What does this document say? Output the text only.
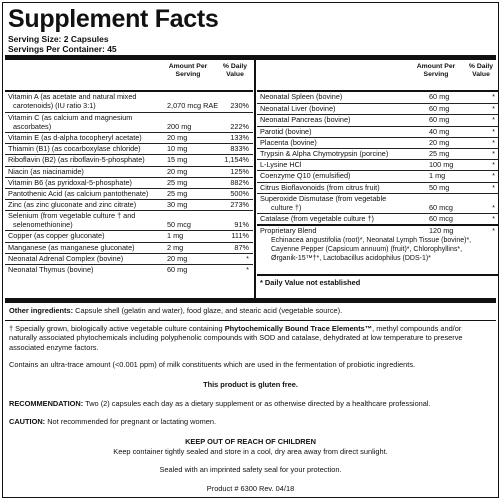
Supplement Facts
Serving Size: 2 Capsules
Servings Per Container: 45
Amount Per Serving
% Daily Value
Vitamin A (as acetate and natural mixed
carotenoids) (IU ratio 3:1)	2,070 mcg RAE	230%
Vitamin C (as calcium and magnesium
ascorbates)	200 mg	222%
Vitamin E (as d-alpha tocopheryl acetate)	20 mg	133%
Thiamin (B1) (as cocarboxylase chloride)	10 mg	833%
Riboflavin (B2) (as riboflavin-5-phosphate)	15 mg	1,154%
Niacin (as niacinamide)	20 mg	125%
Vitamin B6 (as pyridoxal-5-phosphate)	25 mg	882%
Pantothenic Acid (as calcium pantothenate)	25 mg	500%
Zinc (as zinc gluconate and zinc citrate)	30 mg	273%
Selenium (from vegetable culture † and
selenomethionine)	50 mcg	91%
Copper (as copper gluconate)	1 mg	111%
Manganese (as manganese gluconate)	2 mg	87%
Neonatal Adrenal Complex (bovine)	20 mg	*
Neonatal Thymus (bovine)	60 mg	*
Amount Per Serving
% Daily Value
Neonatal Spleen (bovine)	60 mg	*
Neonatal Liver (bovine)	60 mg	*
Neonatal Pancreas (bovine)	60 mg	*
Parotid (bovine)	40 mg	*
Placenta (bovine)	20 mg	*
Trypsin & Alpha Chymotrypsin (porcine)	25 mg	*
L-Lysine HCl	100 mg	*
Coenzyme Q10 (emulsified)	1 mg	*
Citrus Bioflavonoids (from citrus fruit)	50 mg	*
Superoxide Dismutase (from vegetable
culture †)	60 mcg	*
Catalase (from vegetable culture †)	60 mcg	*
Proprietary Blend	120 mg	*
Echinacea angustifolia (root)*, Neonatal Lymph Tissue (bovine)*,
Cayenne Pepper (Capsicum annuum) (fruit)*, Chlorophyllins*,
Ørganik-15™†*, Lactobacillus acidophilus (DDS-1)*
* Daily Value not established
Other ingredients: Capsule shell (gelatin and water), food glaze, and stearic acid (vegetable source).
† Specially grown, biologically active vegetable culture containing Phytochemically Bound Trace Elements™, methyl compounds and/or
naturally associated phytochemicals including polyphenolic compounds with SOD and catalase, dehydrated at low temperature to preserve
associated enzyme factors.
Contains an ultra-trace amount (<0.001 ppm) of milk constituents which are used in the fermentation of probiotic ingredients.
This product is gluten free.
RECOMMENDATION: Two (2) capsules each day as a dietary supplement or as otherwise directed by a healthcare professional.
CAUTION: Not recommended for pregnant or lactating women.
KEEP OUT OF REACH OF CHILDREN
Keep container tightly sealed and store in a cool, dry area away from direct sunlight.
Sealed with an imprinted safety seal for your protection.
Product # 6300 Rev. 04/18
